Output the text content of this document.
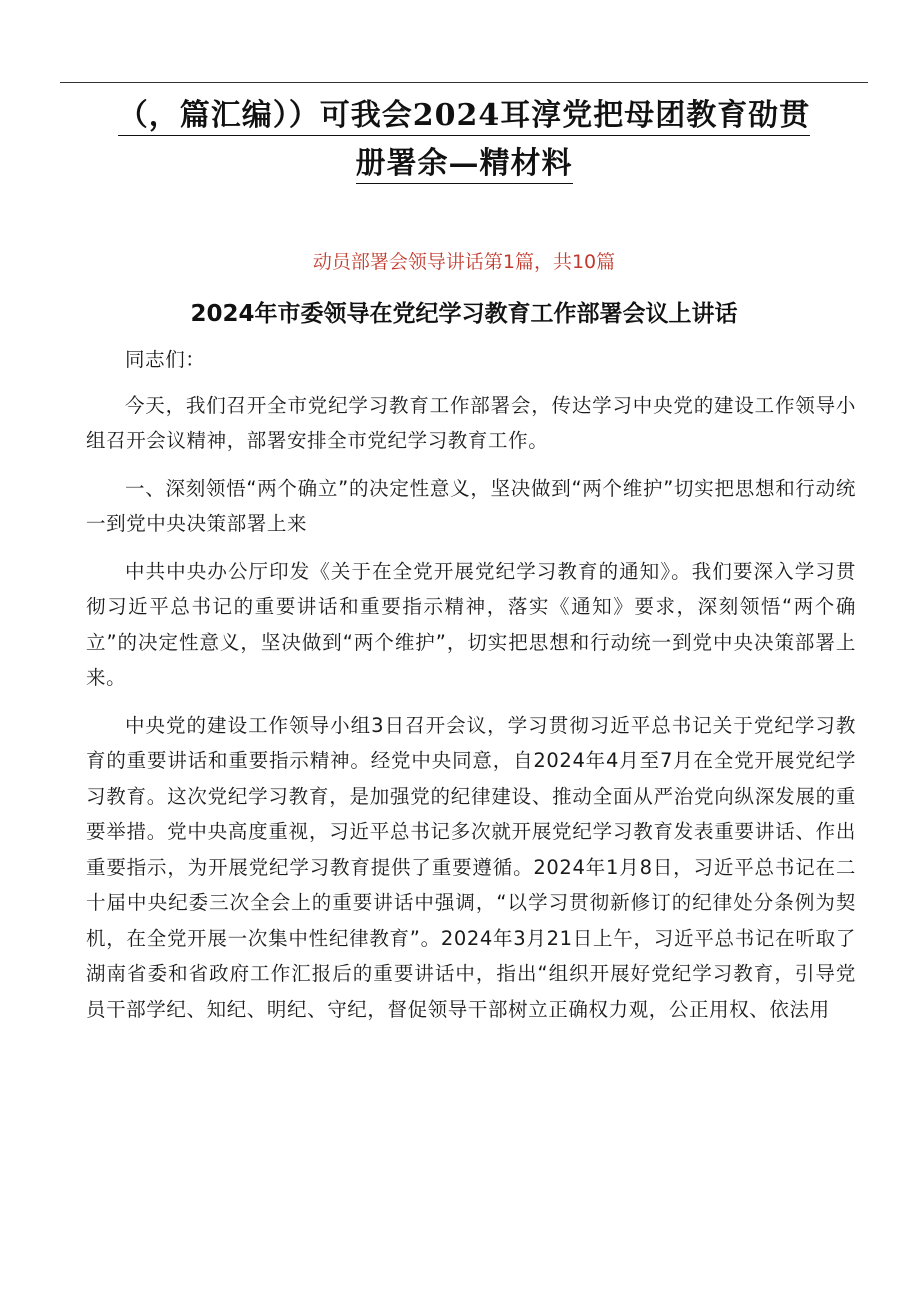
（，篇汇编））可我会2024耳淳党把母团教育劭贯
册署余—精材料
动员部署会领导讲话第1篇，共10篇
2024年市委领导在党纪学习教育工作部署会议上讲话

同志们：

今天，我们召开全市党纪学习教育工作部署会，传达学习中央党的建设工作领导小组召开会议精神，部署安排全市党纪学习教育工作。

一、深刻领悟“两个确立”的决定性意义，坚决做到“两个维护”切实把思想和行动统一到党中央决策部署上来

中共中央办公厅印发《关于在全党开展党纪学习教育的通知》。我们要深入学习贯彻习近平总书记的重要讲话和重要指示精神，落实《通知》要求，深刻领悟“两个确立”的决定性意义，坚决做到“两个维护”，切实把思想和行动统一到党中央决策部署上来。

中央党的建设工作领导小组3日召开会议，学习贯彻习近平总书记关于党纪学习教育的重要讲话和重要指示精神。经党中央同意，自2024年4月至7月在全党开展党纪学习教育。这次党纪学习教育，是加强党的纪律建设、推动全面从严治党向纵深发展的重要举措。党中央高度重视，习近平总书记多次就开展党纪学习教育发表重要讲话、作出重要指示，为开展党纪学习教育提供了重要遵循。2024年1月8日，习近平总书记在二十届中央纪委三次全会上的重要讲话中强调，“以学习贯彻新修订的纪律处分条例为契机，在全党开展一次集中性纪律教育”。2024年3月21日上午，习近平总书记在听取了湖南省委和省政府工作汇报后的重要讲话中，指出“组织开展好党纪学习教育，引导党员干部学纪、知纪、明纪、守纪，督促领导干部树立正确权力观，公正用权、依法用
